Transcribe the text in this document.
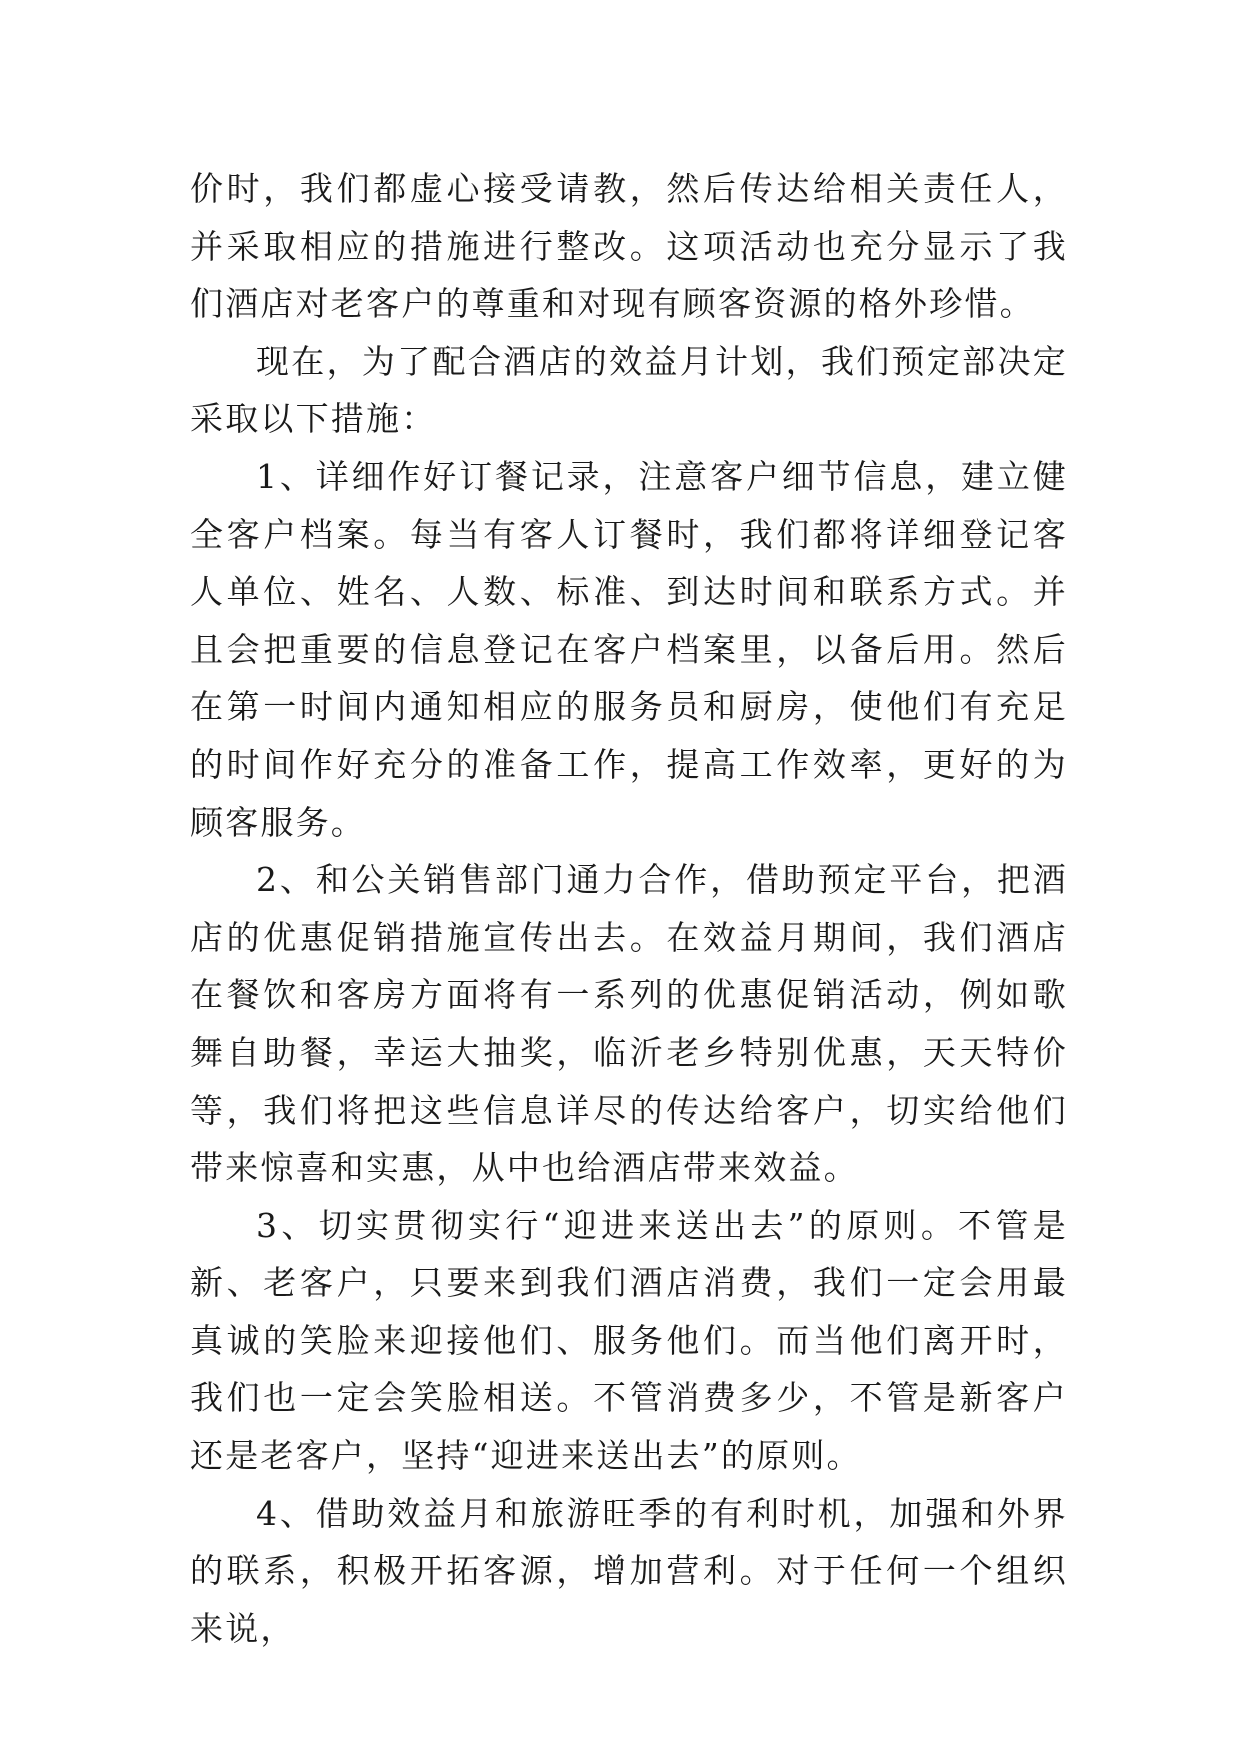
价时，我们都虚心接受请教，然后传达给相关责任人，并采取相应的措施进行整改。这项活动也充分显示了我们酒店对老客户的尊重和对现有顾客资源的格外珍惜。

现在，为了配合酒店的效益月计划，我们预定部决定采取以下措施：

1、详细作好订餐记录，注意客户细节信息，建立健全客户档案。每当有客人订餐时，我们都将详细登记客人单位、姓名、人数、标准、到达时间和联系方式。并且会把重要的信息登记在客户档案里，以备后用。然后在第一时间内通知相应的服务员和厨房，使他们有充足的时间作好充分的准备工作，提高工作效率，更好的为顾客服务。

2、和公关销售部门通力合作，借助预定平台，把酒店的优惠促销措施宣传出去。在效益月期间，我们酒店在餐饮和客房方面将有一系列的优惠促销活动，例如歌舞自助餐，幸运大抽奖，临沂老乡特别优惠，天天特价等，我们将把这些信息详尽的传达给客户，切实给他们带来惊喜和实惠，从中也给酒店带来效益。

3、切实贯彻实行“迎进来送出去”的原则。不管是新、老客户，只要来到我们酒店消费，我们一定会用最真诚的笑脸来迎接他们、服务他们。而当他们离开时，我们也一定会笑脸相送。不管消费多少，不管是新客户还是老客户，坚持“迎进来送出去”的原则。

4、借助效益月和旅游旺季的有利时机，加强和外界的联系，积极开拓客源，增加营利。对于任何一个组织来说，
